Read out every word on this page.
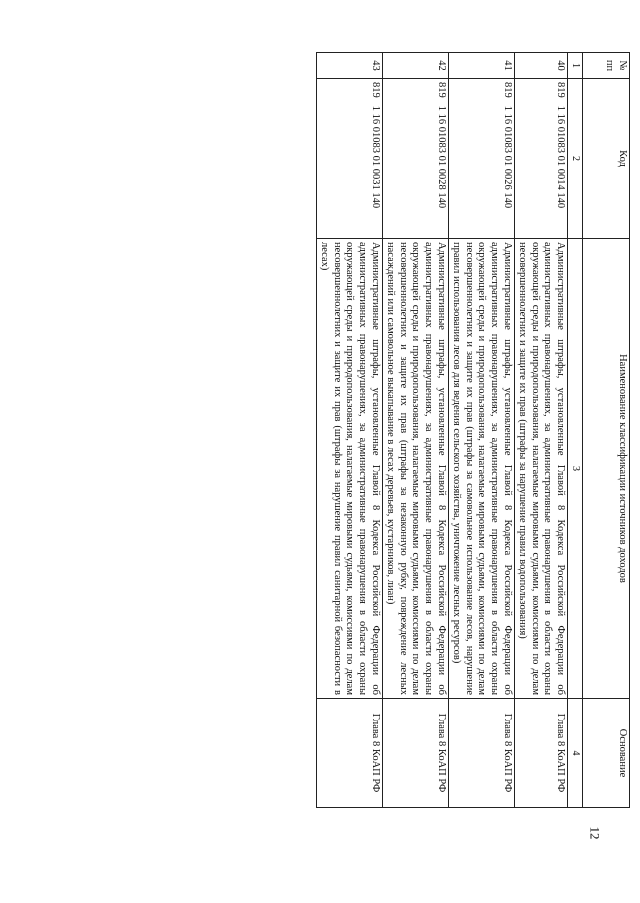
12
№ пп	Код	Наименование классификации источников доходов	Основание
1	2	3	4
40	8191 16 01083 01 0014 140	Административные штрафы, установленные Главой 8 Кодекса Российской Федерации об административных правонарушениях, за административные правонарушения в области охраны окружающей среды и природопользования, налагаемые мировыми судьями, комиссиями по делам несовершеннолетних и защите их прав (штрафы за нарушение правил водопользования)	Глава 8 КоАП РФ
41	8191 16 01083 01 0026 140	Административные штрафы, установленные Главой 8 Кодекса Российской Федерации об административных правонарушениях, за административные правонарушения в области охраны окружающей среды и природопользования, налагаемые мировыми судьями, комиссиями по делам несовершеннолетних и защите их прав (штрафы за самовольное использование лесов, нарушение правил использования лесов для ведения сельского хозяйства, уничтожение лесных ресурсов)	Глава 8 КоАП РФ
42	8191 16 01083 01 0028 140	Административные штрафы, установленные Главой 8 Кодекса Российской Федерации об административных правонарушениях, за административные правонарушения в области охраны окружающей среды и природопользования, налагаемые мировыми судьями, комиссиями по делам несовершеннолетних и защите их прав (штрафы за незаконную рубку, повреждение лесных насаждений или самовольное выкапывание в лесах деревьев, кустарников, лиан)	Глава 8 КоАП РФ
43	8191 16 01083 01 0031 140	Административные штрафы, установленные Главой 8 Кодекса Российской Федерации об административных правонарушениях, за административные правонарушения в области охраны окружающей среды и природопользования, налагаемые мировыми судьями, комиссиями по делам несовершеннолетних и защите их прав (штрафы за нарушение правил санитарной безопасности в лесах)	Глава 8 КоАП РФ
